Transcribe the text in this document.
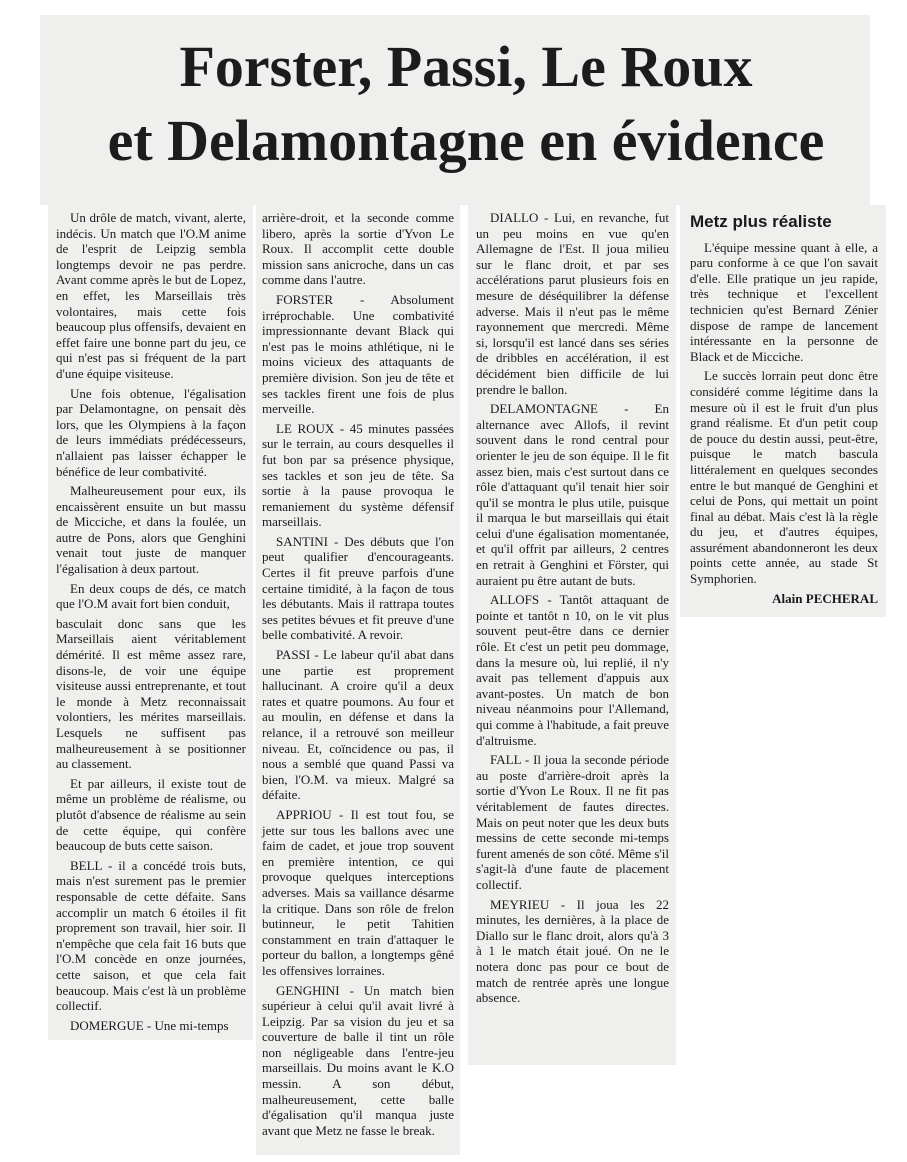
Forster, Passi, Le Roux
et Delamontagne en évidence

Un drôle de match, vivant, alerte, indécis. Un match que l'O.M anime de l'esprit de Leipzig sembla longtemps devoir ne pas perdre. Avant comme après le but de Lopez, en effet, les Marseillais très volontaires, mais cette fois beaucoup plus offensifs, devaient en effet faire une bonne part du jeu, ce qui n'est pas si fréquent de la part d'une équipe visiteuse.

Une fois obtenue, l'égalisation par Delamontagne, on pensait dès lors, que les Olympiens à la façon de leurs immédiats prédécesseurs, n'allaient pas laisser échapper le bénéfice de leur combativité.

Malheureusement pour eux, ils encaissèrent ensuite un but massu de Micciche, et dans la foulée, un autre de Pons, alors que Genghini venait tout juste de manquer l'égalisation à deux partout.

En deux coups de dés, ce match que l'O.M avait fort bien conduit,

basculait donc sans que les Marseillais aient véritablement démérité. Il est même assez rare, disons-le, de voir une équipe visiteuse aussi entreprenante, et tout le monde à Metz reconnaissait volontiers, les mérites marseillais. Lesquels ne suffisent pas malheureusement à se positionner au classement.

Et par ailleurs, il existe tout de même un problème de réalisme, ou plutôt d'absence de réalisme au sein de cette équipe, qui confère beaucoup de buts cette saison.

BELL - il a concédé trois buts, mais n'est surement pas le premier responsable de cette défaite. Sans accomplir un match 6 étoiles il fit proprement son travail, hier soir. Il n'empêche que cela fait 16 buts que l'O.M concède en onze journées, cette saison, et que cela fait beaucoup. Mais c'est là un problème collectif.

DOMERGUE - Une mi-temps

arrière-droit, et la seconde comme libero, après la sortie d'Yvon Le Roux. Il accomplit cette double mission sans anicroche, dans un cas comme dans l'autre.

FORSTER - Absolument irréprochable. Une combativité impressionnante devant Black qui n'est pas le moins athlétique, ni le moins vicieux des attaquants de première division. Son jeu de tête et ses tackles firent une fois de plus merveille.

LE ROUX - 45 minutes passées sur le terrain, au cours desquelles il fut bon par sa présence physique, ses tackles et son jeu de tête. Sa sortie à la pause provoqua le remaniement du système défensif marseillais.

SANTINI - Des débuts que l'on peut qualifier d'encourageants. Certes il fit preuve parfois d'une certaine timidité, à la façon de tous les débutants. Mais il rattrapa toutes ses petites bévues et fit preuve d'une belle combativité. A revoir.

PASSI - Le labeur qu'il abat dans une partie est proprement hallucinant. A croire qu'il a deux rates et quatre poumons. Au four et au moulin, en défense et dans la relance, il a retrouvé son meilleur niveau. Et, coïncidence ou pas, il nous a semblé que quand Passi va bien, l'O.M. va mieux. Malgré sa défaite.

APPRIOU - Il est tout fou, se jette sur tous les ballons avec une faim de cadet, et joue trop souvent en première intention, ce qui provoque quelques interceptions adverses. Mais sa vaillance désarme la critique. Dans son rôle de frelon butinneur, le petit Tahitien constamment en train d'attaquer le porteur du ballon, a longtemps gêné les offensives lorraines.

GENGHINI - Un match bien supérieur à celui qu'il avait livré à Leipzig. Par sa vision du jeu et sa couverture de balle il tint un rôle non négligeable dans l'entre-jeu marseillais. Du moins avant le K.O messin. A son début, malheureusement, cette balle d'égalisation qu'il manqua juste avant que Metz ne fasse le break.

DIALLO - Lui, en revanche, fut un peu moins en vue qu'en Allemagne de l'Est. Il joua milieu sur le flanc droit, et par ses accélérations parut plusieurs fois en mesure de déséquilibrer la défense adverse. Mais il n'eut pas le même rayonnement que mercredi. Même si, lorsqu'il est lancé dans ses séries de dribbles en accélération, il est décidément bien difficile de lui prendre le ballon.

DELAMONTAGNE - En alternance avec Allofs, il revint souvent dans le rond central pour orienter le jeu de son équipe. Il le fit assez bien, mais c'est surtout dans ce rôle d'attaquant qu'il tenait hier soir qu'il se montra le plus utile, puisque il marqua le but marseillais qui était celui d'une égalisation momentanée, et qu'il offrit par ailleurs, 2 centres en retrait à Genghini et Förster, qui auraient pu être autant de buts.

ALLOFS - Tantôt attaquant de pointe et tantôt n 10, on le vit plus souvent peut-être dans ce dernier rôle. Et c'est un petit peu dommage, dans la mesure où, lui replié, il n'y avait pas tellement d'appuis aux avant-postes. Un match de bon niveau néanmoins pour l'Allemand, qui comme à l'habitude, a fait preuve d'altruisme.

FALL - Il joua la seconde période au poste d'arrière-droit après la sortie d'Yvon Le Roux. Il ne fit pas véritablement de fautes directes. Mais on peut noter que les deux buts messins de cette seconde mi-temps furent amenés de son côté. Même s'il s'agit-là d'une faute de placement collectif.

MEYRIEU - Il joua les 22 minutes, les dernières, à la place de Diallo sur le flanc droit, alors qu'à 3 à 1 le match était joué. On ne le notera donc pas pour ce bout de match de rentrée après une longue absence.

Metz plus réaliste

L'équipe messine quant à elle, a paru conforme à ce que l'on savait d'elle. Elle pratique un jeu rapide, très technique et l'excellent technicien qu'est Bernard Zénier dispose de rampe de lancement intéressante en la personne de Black et de Micciche.

Le succès lorrain peut donc être considéré comme légitime dans la mesure où il est le fruit d'un plus grand réalisme. Et d'un petit coup de pouce du destin aussi, peut-être, puisque le match bascula littéralement en quelques secondes entre le but manqué de Genghini et celui de Pons, qui mettait un point final au débat. Mais c'est là la règle du jeu, et d'autres équipes, assurément abandonneront les deux points cette année, au stade St Symphorien.

Alain PECHERAL
